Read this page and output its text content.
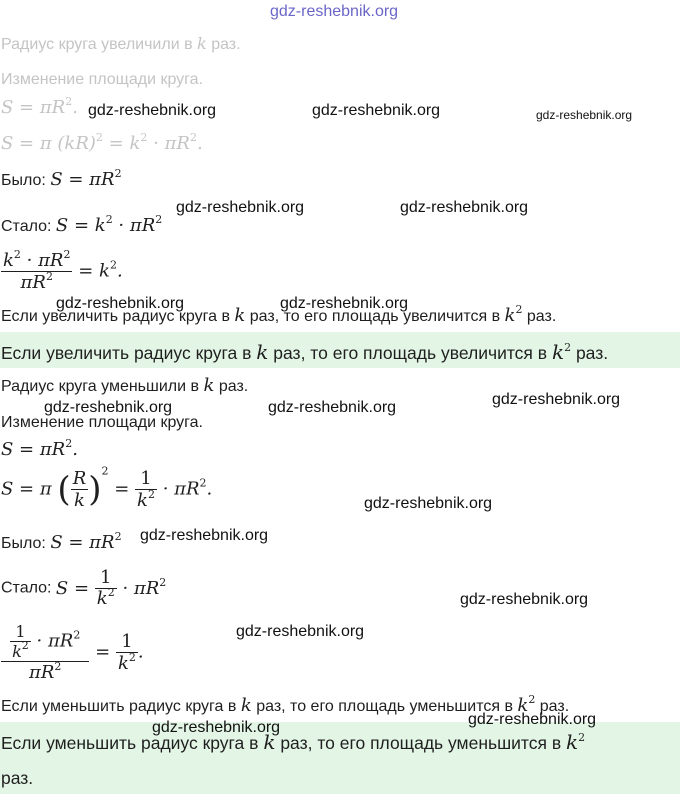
gdz-reshebnik.org
Радиус круга увеличили в k раз.
Изменение площади круга.
$S = \pi R^2$.
S = π $(kR)^2 = k^2 \cdot \pi R^2$.
Было: $S = \pi R^2$
Стало: $S = k^2 \cdot \pi R^2$
$\frac{k^2 \cdot \pi R^2}{\pi R^2} = k^2$.
Если увеличить радиус круга в k раз, то его площадь увеличится в $k^2$ раз.
Если увеличить радиус круга в k раз, то его площадь увеличится в $k^2$ раз.
Радиус круга уменьшили в k раз.
Изменение площади круга.
$S = \pi R^2$.
S = π ( $\frac{R}{k} )^2 = \frac{1}{k^2} \cdot \pi R^2$.
Было: $S = \pi R^2$
Стало: $S = \frac{1}{k^2} \cdot \pi R^2$
$\frac{\frac{1}{k^2} \cdot \pi R^2}{\pi R^2} = \frac{1}{k^2}$ .
Если уменьшить радиус круга в k раз, то его площадь уменьшится в $k^2$ раз.
Если уменьшить радиус круга в k раз, то его площадь уменьшится в $k^2$
раз.
gdz-reshebnik.org	gdz-reshebnik.org	gdz-reshebnik.org
gdz-reshebnik.org	gdz-reshebnik.org
gdz-reshebnik.org	gdz-reshebnik.org
gdz-reshebnik.org
gdz-reshebnik.org	gdz-reshebnik.org
gdz-reshebnik.org
gdz-reshebnik.org
gdz-reshebnik.org
gdz-reshebnik.org
gdz-reshebnik.org
gdz-reshebnik.org
